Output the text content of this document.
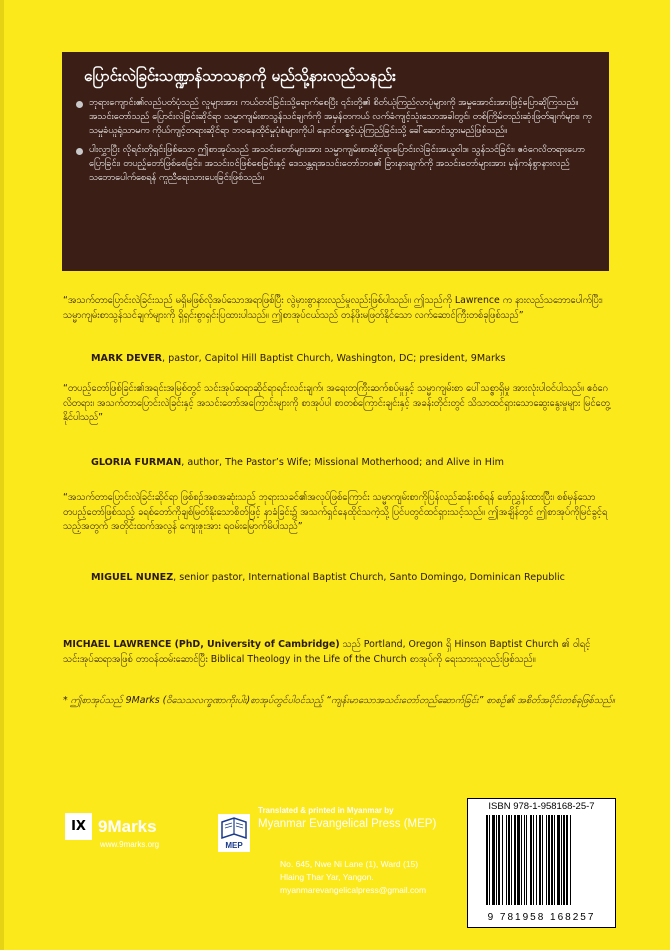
ပြောင်းလဲခြင်းသဏ္ဍာန်သာသနာကို မည်သို့နားလည်သနည်း
ဘုရားကျောင်း၏လည်ပတ်ပုံသည် လူများအား ကယ်တင်ခြင်းသို့ရောက်စေပြီး ၎င်းတို့၏ စိတ်ယုံကြည်လာပုံများကို အမှုအောင်းအားဖြင့်ပြောဆိုကြသည်။ အသင်းတော်သည် ပြောင်းလဲခြင်းဆိုင်ရာ သမ္မာကျမ်းစာသွန်သင်ချက်ကို အမှန်တကယ် လက်ခံကျင့်သုံးသောအခါတွင်၊ တစ်ကြိမ်တည်းဆုံးဖြတ်ချက်များ၊ ကုသမှုခံယူရုံသာမက ကိုယ်ကျင့်တရားဆိုင်ရာ ဘဝနေထိုင်မှုပုံစံများကိုပါ နောင်တစ္စင့်ယုံကြည်ခြင်းသို့ ခေါ်ဆောင်သွားမည်ဖြစ်သည်။
ပါးလွှာပြီး လိုရင်းတိုရှင်းဖြစ်သော ဤစာအုပ်သည် အသင်းတော်များအား သမ္မာကျမ်းစာဆိုင်ရာပြောင်းလဲခြင်းအယူဝါဒ၊ သွန်သင်ခြင်း၊ ဧဝံဂေလိတရားဟောပြောခြင်း၊ တပည့်တော်ဖြစ်စေခြင်း၊ အသင်းဝင်ဖြစ်စေခြင်းနှင့် ဒေသန္တရအသင်းတော်ဘဝ၏ ခြားနားချက်ကို အသင်းတော်များအား မှန်ကန်စွာနားလည်သဘောပေါက်စေရန် ကူညီရေးသားပေးခြင်းဖြစ်သည်။
“အသက်တာပြောင်းလဲခြင်းသည် မရှိမဖြစ်လိုအပ်သောအရာဖြစ်ပြီး လွဲမှားစွာနားလည်မှုလည်းဖြစ်ပါသည်။ ဤသည်ကို Lawrence က နားလည်သဘောပေါက်ပြီး၊ သမ္မာကျမ်းစာသွန်သင်ချက်များကို ရှိရှင်းစွာရှင်းပြထားပါသည်။ ဤစာအုပ်ငယ်သည် တန်ဖိုးမဖြတ်နိုင်သော လက်ဆောင်ကြီးတစ်ခုဖြစ်သည်”
MARK DEVER, pastor, Capitol Hill Baptist Church, Washington, DC; president, 9Marks
“တပည့်တော်ဖြစ်ခြင်း၏အရင်းအမြစ်တွင် သင်းအုပ်ဆရာဆိုင်ရာရင်းလင်းချက်၊ အရေးတကြီးဆက်စပ်မှုနှင့် သမ္မာကျမ်းစာ ပေါ်သစ္စာရှိမှု အားလုံးပါဝင်ပါသည်။ ဧဝံဂေလိတရား၊ အသက်တာပြောင်းလဲခြင်းနှင့် အသင်းတော်အကြောင်းများကို စာအုပ်ပါ စာတစ်ကြောင်းချင်းနှင့် အခန်းတိုင်းတွင် သိသာထင်ရှားသောဆွေးနွေးမှုများ မြင်တွေ့နိုင်ပါသည်”
GLORIA FURMAN, author, The Pastor’s Wife; Missional Motherhood; and Alive in Him
“အသက်တာပြောင်းလဲခြင်းဆိုင်ရာ ဖြစ်စဉ်အစအဆုံးသည် ဘုရားသခင်၏အလုပ်ဖြစ်ကြောင်း သမ္မာကျမ်းစာကိုပြန်လည်ဆန်းစစ်ရန် ဖော်ညွှန်းထားပြီး၊ စစ်မှန်သောတပည့်တော်ဖြစ်သည့် ခရစ်တော်ကိုချစ်မြတ်နိုးသောစိတ်ဖြင့် နာခံခြင်း၌ အသက်ရှင်နေထိုင်သကဲ့သို့ ပြင်ပတွင်ထင်ရှားသင့်သည်။ ဤအချိန်တွင် ဤစာအုပ်ကိုမြင်ခွင့်ရသည့်အတွက် အတိုင်းထက်အလွန် ကျေးဇူးအား ရဝမ်းမြောက်မိပါသည်”
MIGUEL NUNEZ, senior pastor, International Baptist Church, Santo Domingo, Dominican Republic
MICHAEL LAWRENCE (PhD, University of Cambridge) သည် Portland, Oregon ရှိ Hinson Baptist Church ၏ ဝါရင့်သင်းအုပ်ဆရာအဖြစ် တာဝန်ထမ်းဆောင်ပြီး Biblical Theology in the Life of the Church စာအုပ်ကို ရေးသားသူလည်းဖြစ်သည်။
* ဤစာအုပ်သည် 9Marks (ဝိသေသလက္ခဏာကိုးပါး)စာအုပ်တွင်ပါဝင်သည့် “ကျန်းမာသောအသင်းတော်တည်ဆောက်ခြင်း” စာစဉ်၏ အစိတ်အပိုင်းတစ်ခုဖြစ်သည်။
IX 9Marks
www.9marks.org	MEP
Translated & printed in Myanmar by
Myanmar Evangelical Press (MEP)
No. 645, Nwe Ni Lane (1), Ward (15)
Hlaing Thar Yar, Yangon.
myanmarevangelicalpress@gmail.com
ISBN 978-1-958168-25-7
9 781958 168257
